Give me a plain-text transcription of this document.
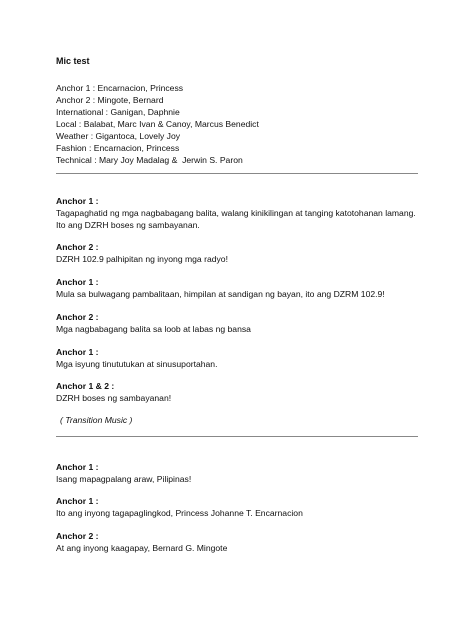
Mic test
Anchor 1 : Encarnacion, Princess
Anchor 2 : Mingote, Bernard
International : Ganigan, Daphnie
Local : Balabat, Marc Ivan & Canoy, Marcus Benedict
Weather : Gigantoca, Lovely Joy
Fashion : Encarnacion, Princess
Technical : Mary Joy Madalag &  Jerwin S. Paron
Anchor 1 :
Tagapaghatid ng mga nagbabagang balita, walang kinikilingan at tanging katotohanan lamang.
Ito ang DZRH boses ng sambayanan.
Anchor 2 :
DZRH 102.9 palhipitan ng inyong mga radyo!
Anchor 1 :
Mula sa bulwagang pambalitaan, himpilan at sandigan ng bayan, ito ang DZRM 102.9!
Anchor 2 :
Mga nagbabagang balita sa loob at labas ng bansa
Anchor 1 :
Mga isyung tinututukan at sinusuportahan.
Anchor 1 & 2 :
DZRH boses ng sambayanan!
( Transition Music )
Anchor 1 :
Isang mapagpalang araw, Pilipinas!
Anchor 1 :
Ito ang inyong tagapaglingkod, Princess Johanne T. Encarnacion
Anchor 2 :
At ang inyong kaagapay, Bernard G. Mingote
